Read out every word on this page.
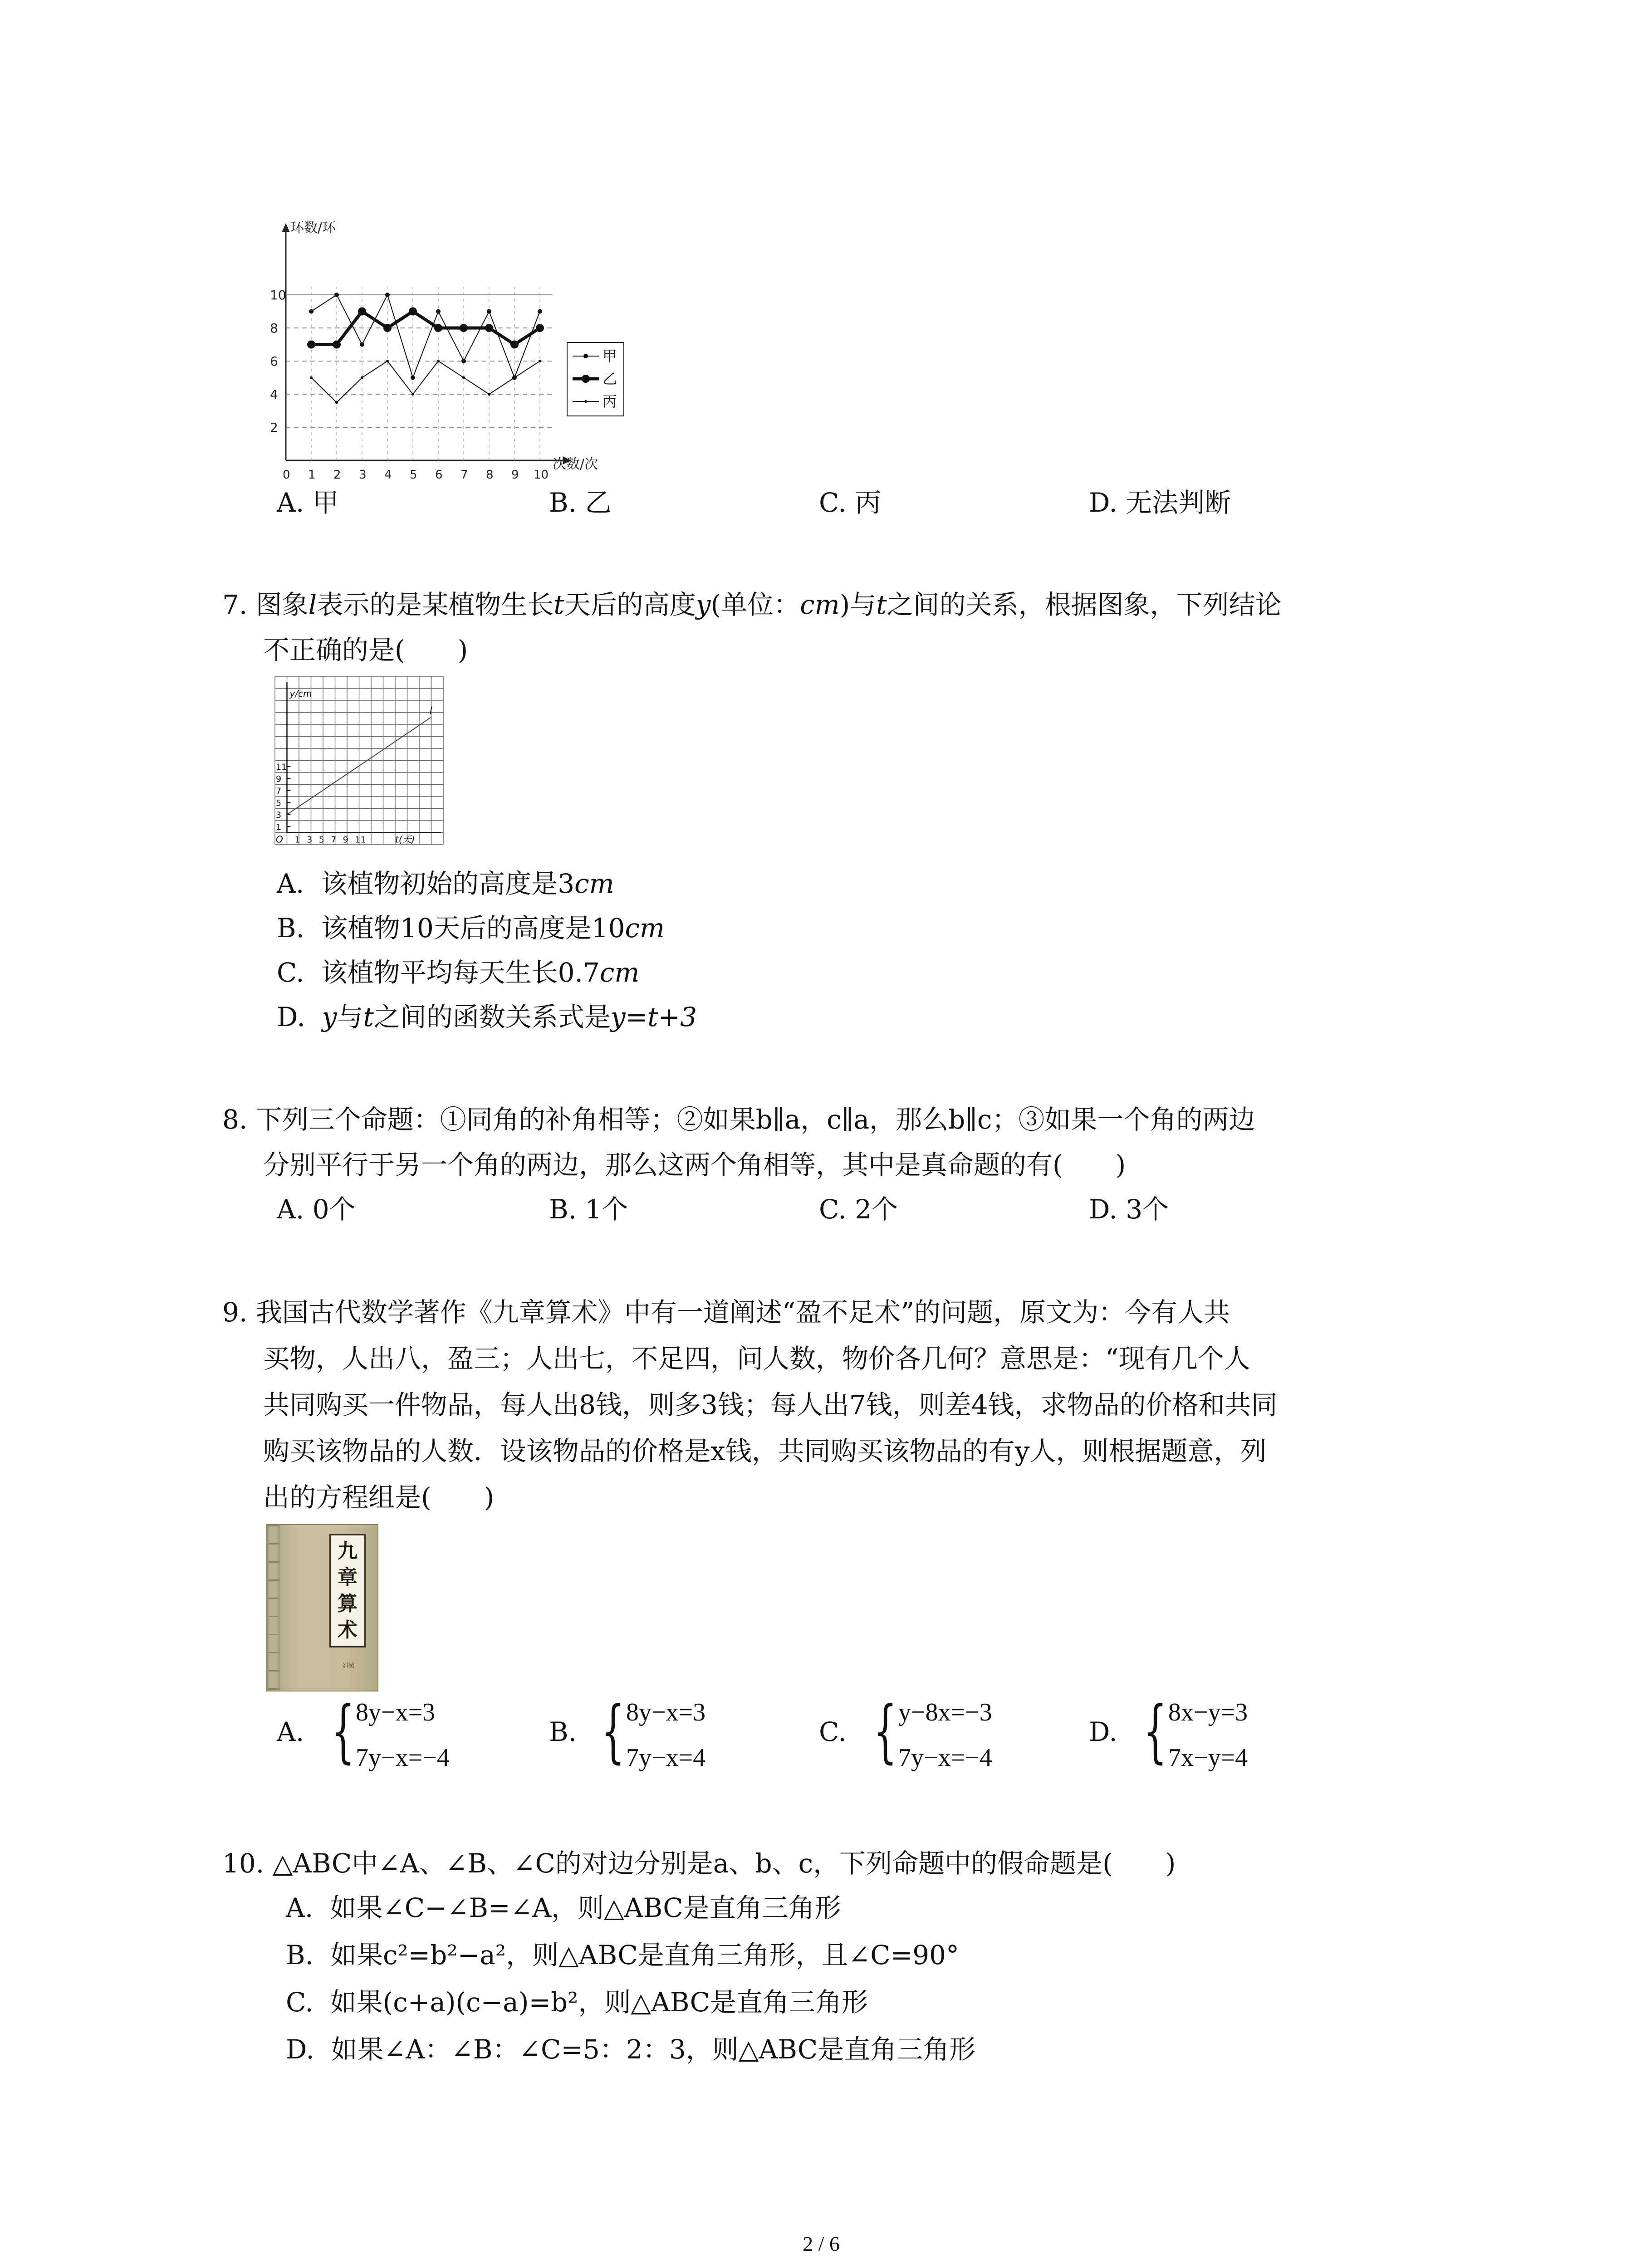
环数/环
次数/次
2
4
6
8
10
0 1 2 3 4 5 6 7 8 9 10
甲
乙
丙
A. 甲	B. 乙	C. 丙	D. 无法判断
7. 图象l表示的是某植物生长t天后的高度y(单位：cm)与t之间的关系，根据图象，下列结论
不正确的是(　　)
y/cm
t(天)
O 1 3 5 7 9 11
1
3
5
7
9
11
l
A. 该植物初始的高度是3cm
B. 该植物10天后的高度是10cm
C. 该植物平均每天生长0.7cm
D. y与t之间的函数关系式是y=t+3
8. 下列三个命题：①同角的补角相等；②如果b∥a，c∥a，那么b∥c；③如果一个角的两边
分别平行于另一个角的两边，那么这两个角相等，其中是真命题的有(　　)
A. 0个	B. 1个	C. 2个	D. 3个
9. 我国古代数学著作《九章算术》中有一道阐述“盈不足术”的问题，原文为：今有人共
买物，人出八，盈三；人出七，不足四，问人数，物价各几何？意思是：“现有几个人
共同购买一件物品，每人出8钱，则多3钱；每人出7钱，则差4钱，求物品的价格和共同
购买该物品的人数．设该物品的价格是x钱，共同购买该物品的有y人，则根据题意，列
出的方程组是(　　)
九
章
算
术
刘徽
A. { 8y−x=3
7y−x=−4
B. { 8y−x=3
7y−x=4
C. { y−8x=−3
7y−x=−4
D. { 8x−y=3
7x−y=4
10. △ABC中∠A、∠B、∠C的对边分别是a、b、c，下列命题中的假命题是(　　)
A. 如果∠C−∠B=∠A，则△ABC是直角三角形
B. 如果c²=b²−a²，则△ABC是直角三角形，且∠C=90°
C. 如果(c+a)(c−a)=b²，则△ABC是直角三角形
D. 如果∠A：∠B：∠C=5：2：3，则△ABC是直角三角形
2 / 6
